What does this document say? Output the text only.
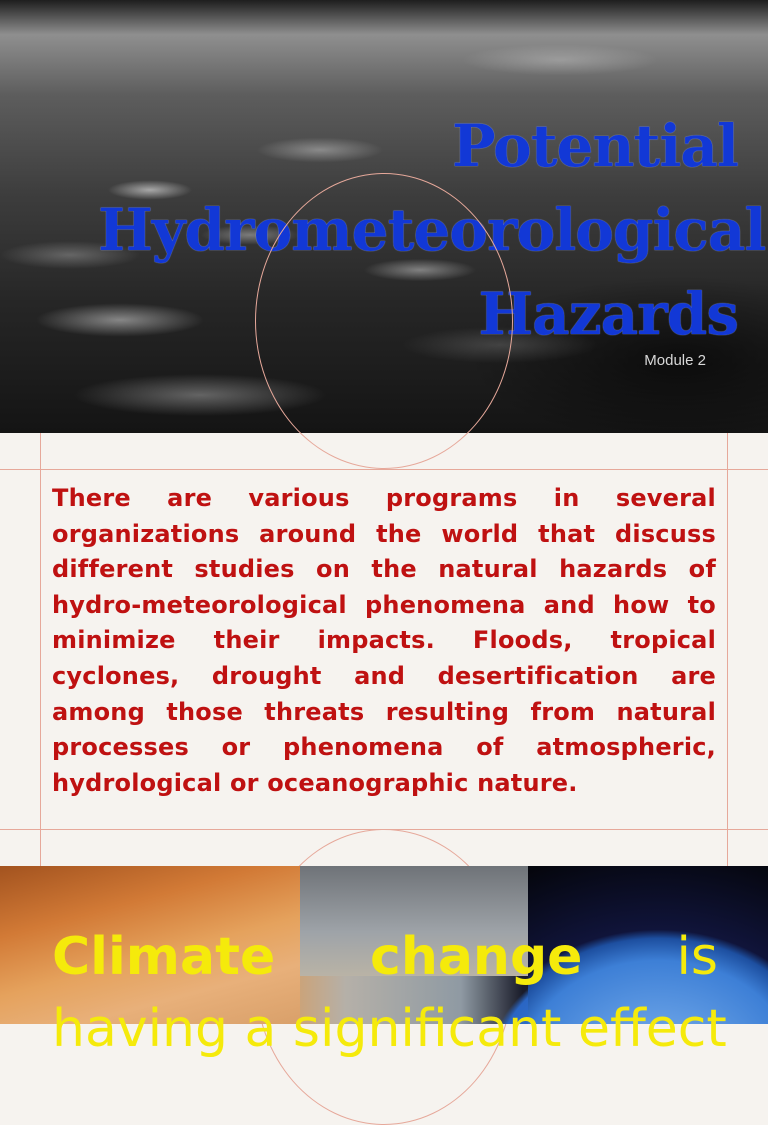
Potential
Hydrometeorological
Hazards
Module 2

There are various programs in several organizations around the world that discuss different studies on the natural hazards of hydro-meteorological phenomena and how to minimize their impacts. Floods, tropical cyclones, drought and desertification are among those threats resulting from natural processes or phenomena of atmospheric, hydrological or oceanographic nature.

Climate change is
having a significant effect
